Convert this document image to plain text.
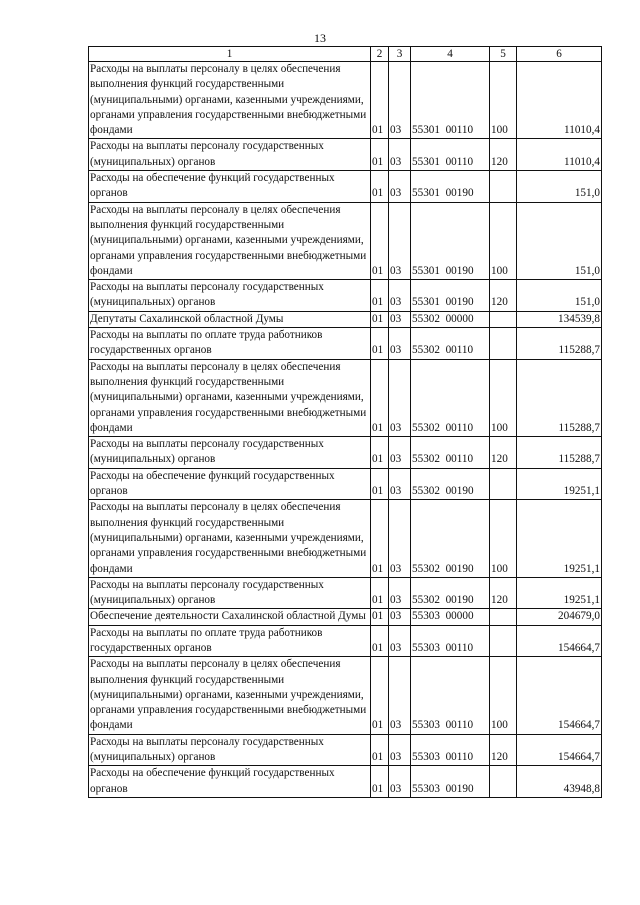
13
1	2	3	4	5	6
Расходы на выплаты персоналу в целях обеспечения выполнения функций государственными (муниципальными) органами, казенными учреждениями, органами управления государственными внебюджетными фондами	01	03	55301  00110	100	11010,4
Расходы на выплаты персоналу государственных (муниципальных) органов	01	03	55301  00110	120	11010,4
Расходы на обеспечение функций государственных органов	01	03	55301  00190		151,0
Расходы на выплаты персоналу в целях обеспечения выполнения функций государственными (муниципальными) органами, казенными учреждениями, органами управления государственными внебюджетными фондами	01	03	55301  00190	100	151,0
Расходы на выплаты персоналу государственных (муниципальных) органов	01	03	55301  00190	120	151,0
Депутаты Сахалинской областной Думы	01	03	55302  00000		134539,8
Расходы на выплаты по оплате труда работников государственных органов	01	03	55302  00110		115288,7
Расходы на выплаты персоналу в целях обеспечения выполнения функций государственными (муниципальными) органами, казенными учреждениями, органами управления государственными внебюджетными фондами	01	03	55302  00110	100	115288,7
Расходы на выплаты персоналу государственных (муниципальных) органов	01	03	55302  00110	120	115288,7
Расходы на обеспечение функций государственных органов	01	03	55302  00190		19251,1
Расходы на выплаты персоналу в целях обеспечения выполнения функций государственными (муниципальными) органами, казенными учреждениями, органами управления государственными внебюджетными фондами	01	03	55302  00190	100	19251,1
Расходы на выплаты персоналу государственных (муниципальных) органов	01	03	55302  00190	120	19251,1
Обеспечение деятельности Сахалинской областной Думы	01	03	55303  00000		204679,0
Расходы на выплаты по оплате труда работников государственных органов	01	03	55303  00110		154664,7
Расходы на выплаты персоналу в целях обеспечения выполнения функций государственными (муниципальными) органами, казенными учреждениями, органами управления государственными внебюджетными фондами	01	03	55303  00110	100	154664,7
Расходы на выплаты персоналу государственных (муниципальных) органов	01	03	55303  00110	120	154664,7
Расходы на обеспечение функций государственных органов	01	03	55303  00190		43948,8
